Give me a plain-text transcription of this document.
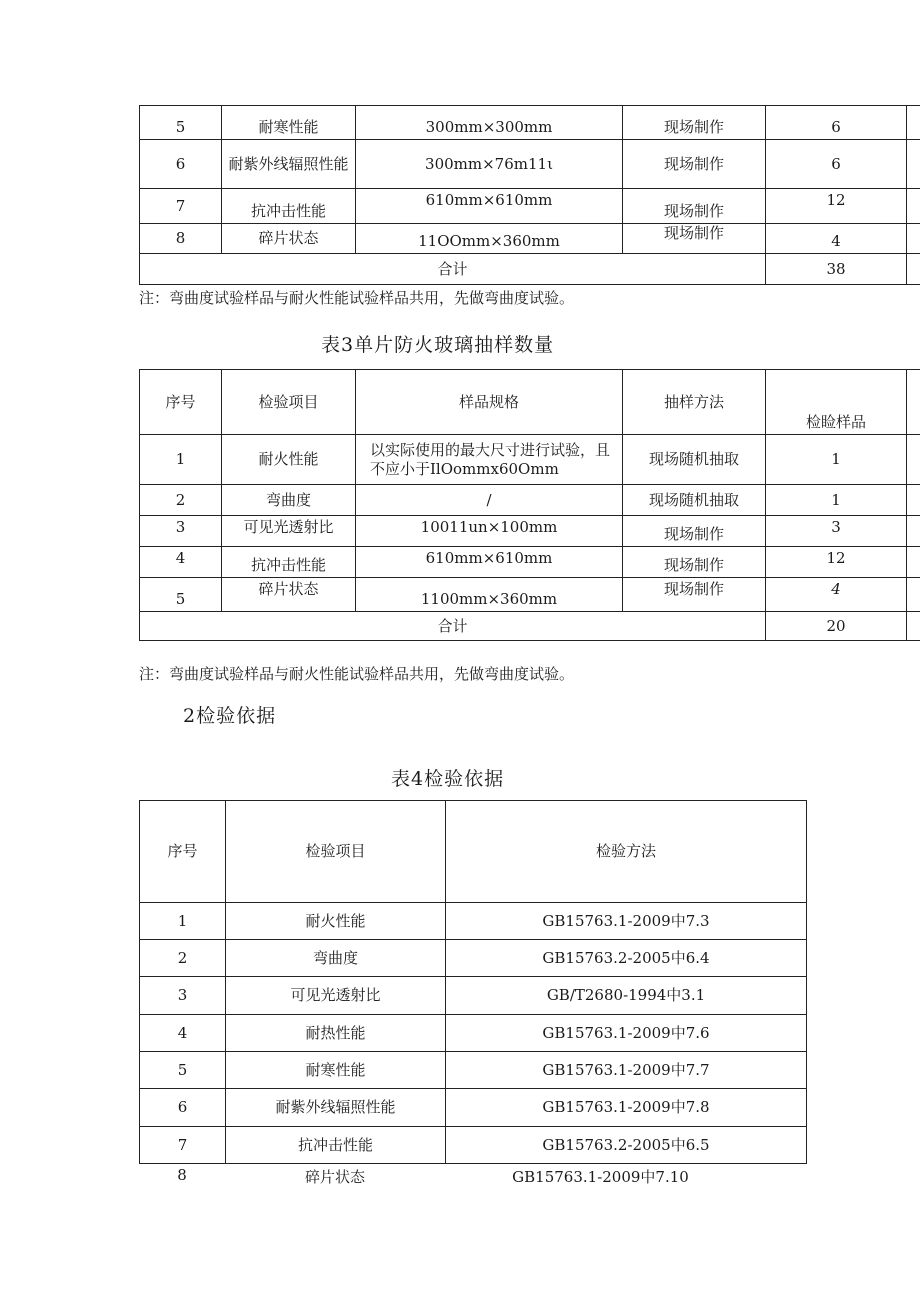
5	耐寒性能	300mm×300mm	现场制作	6	
6	耐紫外线辐照性能	300mm×76m11ι	现场制作	6	
7	抗冲击性能	610mm×610mm	现场制作	12	
8	碎片状态	11OOmm×360mm	现场制作	4	
合计				38	
注：弯曲度试验样品与耐火性能试验样品共用，先做弯曲度试验。
表3单片防火玻璃抽样数量
序号	检验项目	样品规格	抽样方法	检睑样品	
1	耐火性能	以实际使用的最大尺寸进行试验，且不应小于IlOommx60Omm	现场随机抽取	1	
2	弯曲度	/	现场随机抽取	1	
3	可见光透射比	10011un×100mm	现场制作	3	
4	抗冲击性能	610mm×610mm	现场制作	12	
5	碎片状态	1100mm×360mm	现场制作	4	
合计				20	
注：弯曲度试验样品与耐火性能试验样品共用，先做弯曲度试验。
2检验依据
表4检验依据
序号	检验项目	检验方法
1	耐火性能	GB15763.1-2009中7.3
2	弯曲度	GB15763.2-2005中6.4
3	可见光透射比	GB/T2680-1994中3.1
4	耐热性能	GB15763.1-2009中7.6
5	耐寒性能	GB15763.1-2009中7.7
6	耐紫外线辐照性能	GB15763.1-2009中7.8
7	抗冲击性能	GB15763.2-2005中6.5
8	碎片状态	GB15763.1-2009中7.10
